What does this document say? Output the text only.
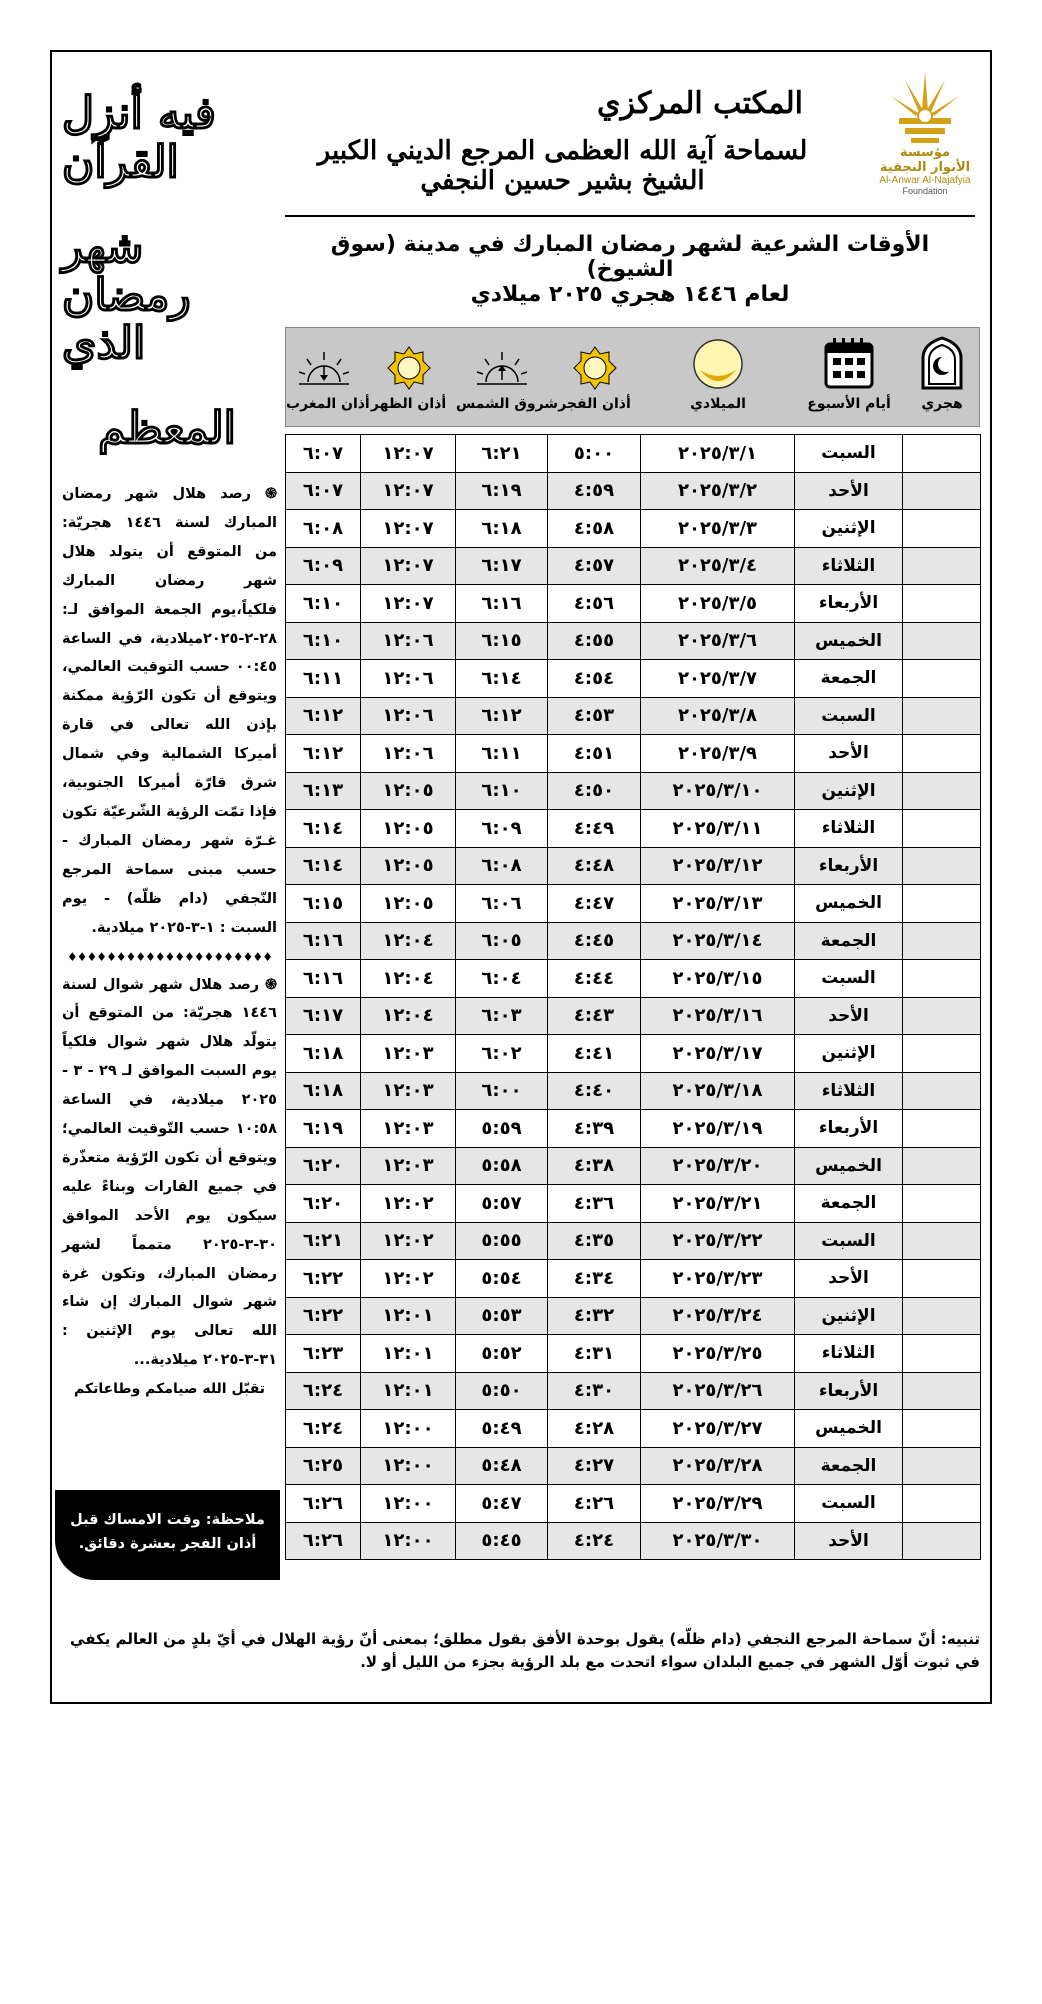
مؤسسة
الأنوار النجفية
Al-Anwar Al-Najafyia
Foundation
المكتب المركزي
لسماحة آية الله العظمى المرجع الديني الكبير الشيخ بشير حسين النجفي
الأوقات الشرعية لشهر رمضان المبارك في مدينة (سوق الشيوخ)
لعام ١٤٤٦ هجري ٢٠٢٥ ميلادي
فيه أنزل القرآن
شهر رمضان الذي
المعظم	هجري
أيام الأسبوع
الميلادي
أذان الفجر
شروق الشمس
أذان الظهر
أذان المغرب
٦:٠٧	١٢:٠٧	٦:٢١	٥:٠٠	٢٠٢٥/٣/١	السبت	
٦:٠٧	١٢:٠٧	٦:١٩	٤:٥٩	٢٠٢٥/٣/٢	الأحد	
٦:٠٨	١٢:٠٧	٦:١٨	٤:٥٨	٢٠٢٥/٣/٣	الإثنين	
٦:٠٩	١٢:٠٧	٦:١٧	٤:٥٧	٢٠٢٥/٣/٤	الثلاثاء	
٦:١٠	١٢:٠٧	٦:١٦	٤:٥٦	٢٠٢٥/٣/٥	الأربعاء	
٦:١٠	١٢:٠٦	٦:١٥	٤:٥٥	٢٠٢٥/٣/٦	الخميس	
٦:١١	١٢:٠٦	٦:١٤	٤:٥٤	٢٠٢٥/٣/٧	الجمعة	
٦:١٢	١٢:٠٦	٦:١٢	٤:٥٣	٢٠٢٥/٣/٨	السبت	
٦:١٢	١٢:٠٦	٦:١١	٤:٥١	٢٠٢٥/٣/٩	الأحد	
٦:١٣	١٢:٠٥	٦:١٠	٤:٥٠	٢٠٢٥/٣/١٠	الإثنين	
٦:١٤	١٢:٠٥	٦:٠٩	٤:٤٩	٢٠٢٥/٣/١١	الثلاثاء	
٦:١٤	١٢:٠٥	٦:٠٨	٤:٤٨	٢٠٢٥/٣/١٢	الأربعاء	
٦:١٥	١٢:٠٥	٦:٠٦	٤:٤٧	٢٠٢٥/٣/١٣	الخميس	
٦:١٦	١٢:٠٤	٦:٠٥	٤:٤٥	٢٠٢٥/٣/١٤	الجمعة	
٦:١٦	١٢:٠٤	٦:٠٤	٤:٤٤	٢٠٢٥/٣/١٥	السبت	
٦:١٧	١٢:٠٤	٦:٠٣	٤:٤٣	٢٠٢٥/٣/١٦	الأحد	
٦:١٨	١٢:٠٣	٦:٠٢	٤:٤١	٢٠٢٥/٣/١٧	الإثنين	
٦:١٨	١٢:٠٣	٦:٠٠	٤:٤٠	٢٠٢٥/٣/١٨	الثلاثاء	
٦:١٩	١٢:٠٣	٥:٥٩	٤:٣٩	٢٠٢٥/٣/١٩	الأربعاء	
٦:٢٠	١٢:٠٣	٥:٥٨	٤:٣٨	٢٠٢٥/٣/٢٠	الخميس	
٦:٢٠	١٢:٠٢	٥:٥٧	٤:٣٦	٢٠٢٥/٣/٢١	الجمعة	
٦:٢١	١٢:٠٢	٥:٥٥	٤:٣٥	٢٠٢٥/٣/٢٢	السبت	
٦:٢٢	١٢:٠٢	٥:٥٤	٤:٣٤	٢٠٢٥/٣/٢٣	الأحد	
٦:٢٢	١٢:٠١	٥:٥٣	٤:٣٢	٢٠٢٥/٣/٢٤	الإثنين	
٦:٢٣	١٢:٠١	٥:٥٢	٤:٣١	٢٠٢٥/٣/٢٥	الثلاثاء	
٦:٢٤	١٢:٠١	٥:٥٠	٤:٣٠	٢٠٢٥/٣/٢٦	الأربعاء	
٦:٢٤	١٢:٠٠	٥:٤٩	٤:٢٨	٢٠٢٥/٣/٢٧	الخميس	
٦:٢٥	١٢:٠٠	٥:٤٨	٤:٢٧	٢٠٢٥/٣/٢٨	الجمعة	
٦:٢٦	١٢:٠٠	٥:٤٧	٤:٢٦	٢٠٢٥/٣/٢٩	السبت	
٦:٢٦	١٢:٠٠	٥:٤٥	٤:٢٤	٢٠٢٥/٣/٣٠	الأحد	
֍ رصد هلال شهر رمضان المبارك لسنة ١٤٤٦ هجريّة: من المتوقع أن يتولد هلال شهر رمضان المبارك فلكياً،يوم الجمعة الموافق لـ: ٢٨-٢-٢٠٢٥ميلادية، في الساعة ٠٠:٤٥ حسب التوقيت العالمي، ويتوقع أن تكون الرّؤية ممكنة بإذن الله تعالى في قارة أميركا الشمالية وفي شمال شرق قارّة أميركا الجنوبية، فإذا تمّت الرؤية الشّرعيّة تكون غـرّة شهر رمضان المبارك - حسب مبنى سماحة المرجع النّجفي (دام ظلّه) - يوم السبت : ١-٣-٢٠٢٥ ميلادية.
♦♦♦♦♦♦♦♦♦♦♦♦♦♦♦♦♦♦♦♦♦
֍ رصد هلال شهر شوال لسنة ١٤٤٦ هجريّة: من المتوقع أن يتولّد هلال شهر شوال فلكياً يوم السبت الموافق لـ ٢٩ - ٣ - ٢٠٢٥ ميلادية، في الساعة ١٠:٥٨ حسب التّوقيت العالمي؛ ويتوقع أن تكون الرّؤية متعذّرة في جميع القارات وبناءً عليه سيكون يوم الأحد الموافق ٣٠-٣-٢٠٢٥ متمماً لشهر رمضان المبارك، وتكون غرة شهر شوال المبارك إن شاء الله تعالى يوم الإثنين : ٣١-٣-٢٠٢٥ ميلادية...
تقبّل الله صيامكم وطاعاتكم
ملاحظة: وقت الامساك قبل أذان الفجر بعشرة دقائق.
تنبيه: أنّ سماحة المرجع النجفي (دام ظلّه) يقول بوحدة الأفق بقول مطلق؛ بمعنى أنّ رؤية الهلال في أيّ بلدٍ من العالم يكفي في ثبوت أوّل الشهر في جميع البلدان سواء اتحدت مع بلد الرؤية بجزء من الليل أو لا.
